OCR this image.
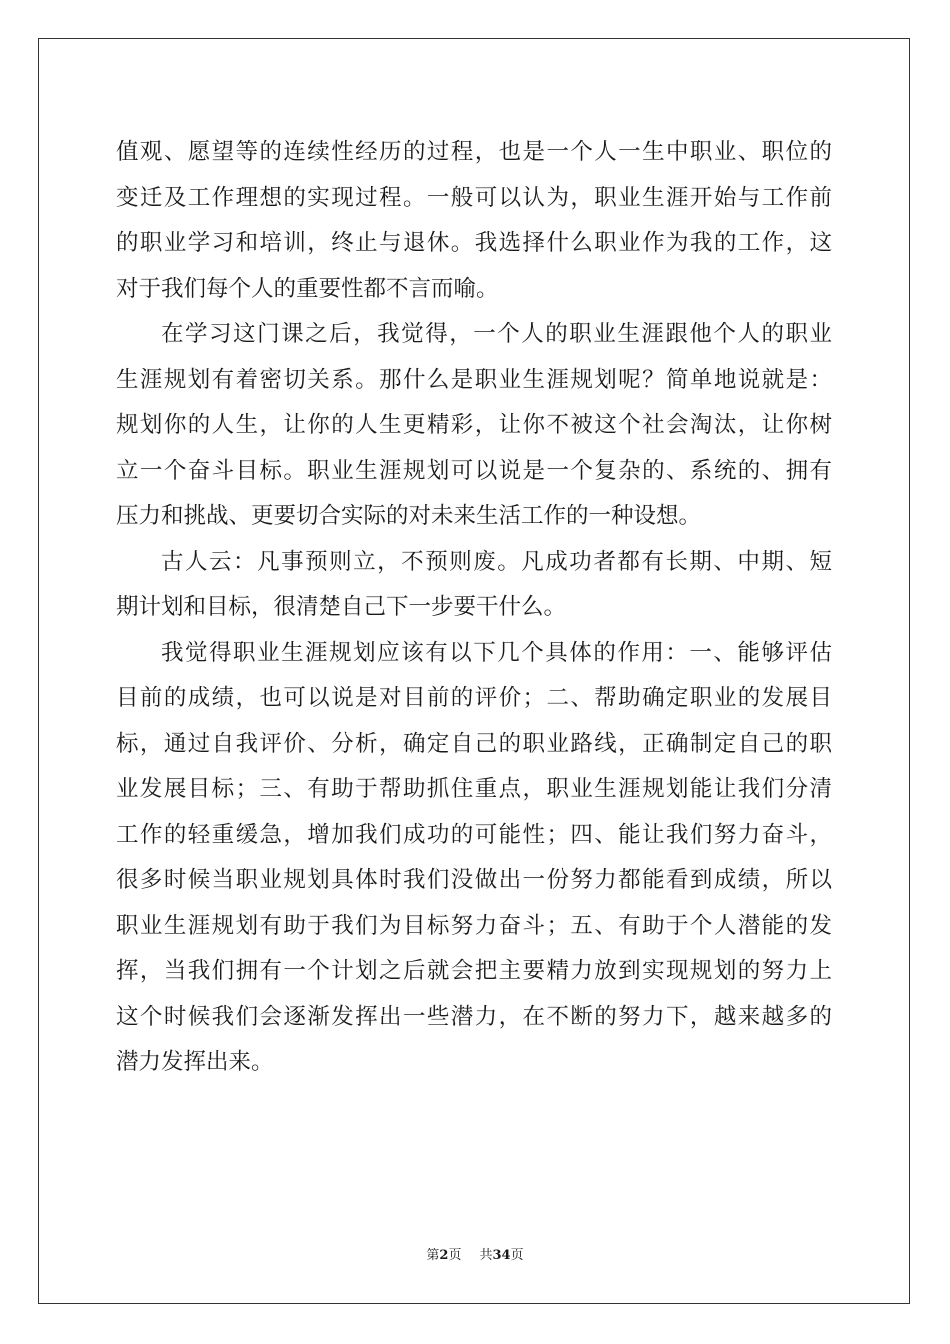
值观、愿望等的连续性经历的过程，也是一个人一生中职业、职位的
变迁及工作理想的实现过程。一般可以认为，职业生涯开始与工作前
的职业学习和培训，终止与退休。我选择什么职业作为我的工作，这
对于我们每个人的重要性都不言而喻。
在学习这门课之后，我觉得，一个人的职业生涯跟他个人的职业
生涯规划有着密切关系。那什么是职业生涯规划呢？简单地说就是：
规划你的人生，让你的人生更精彩，让你不被这个社会淘汰，让你树
立一个奋斗目标。职业生涯规划可以说是一个复杂的、系统的、拥有
压力和挑战、更要切合实际的对未来生活工作的一种设想。
古人云：凡事预则立，不预则废。凡成功者都有长期、中期、短
期计划和目标，很清楚自己下一步要干什么。
我觉得职业生涯规划应该有以下几个具体的作用：一、能够评估
目前的成绩，也可以说是对目前的评价；二、帮助确定职业的发展目
标，通过自我评价、分析，确定自己的职业路线，正确制定自己的职
业发展目标；三、有助于帮助抓住重点，职业生涯规划能让我们分清
工作的轻重缓急，增加我们成功的可能性；四、能让我们努力奋斗，
很多时候当职业规划具体时我们没做出一份努力都能看到成绩，所以
职业生涯规划有助于我们为目标努力奋斗；五、有助于个人潜能的发
挥，当我们拥有一个计划之后就会把主要精力放到实现规划的努力上
这个时候我们会逐渐发挥出一些潜力，在不断的努力下，越来越多的
潜力发挥出来。
第2页 共34页
